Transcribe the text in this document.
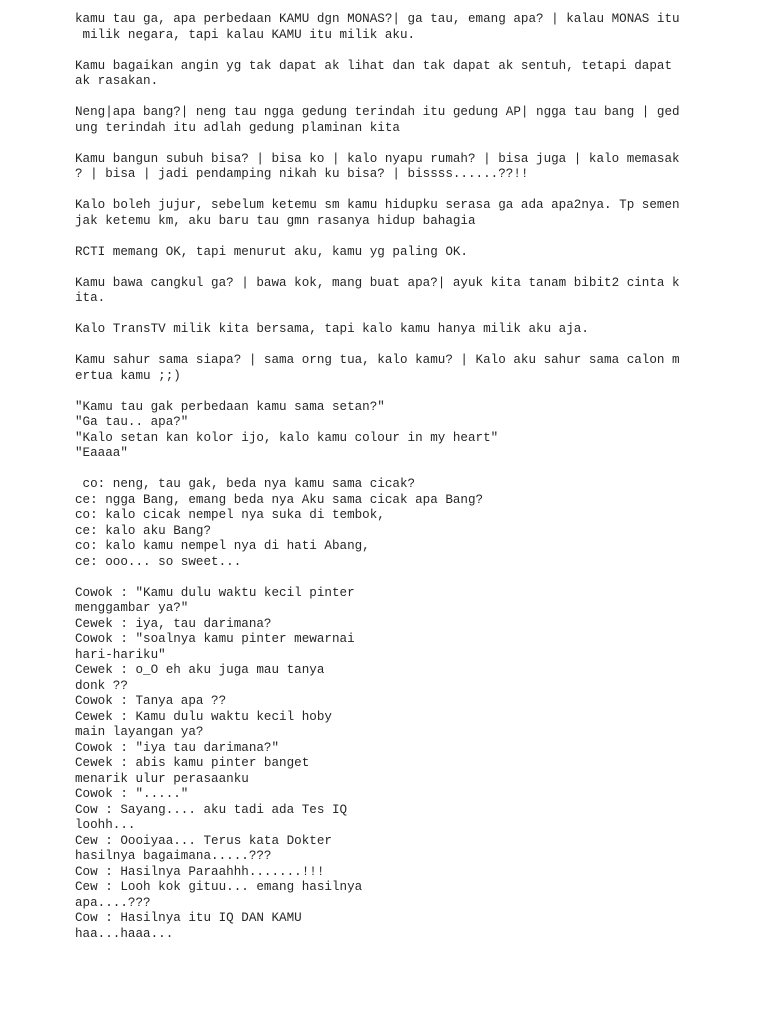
kamu tau ga, apa perbedaan KAMU dgn MONAS?| ga tau, emang apa? | kalau MONAS itu
milik negara, tapi kalau KAMU itu milik aku.
Kamu bagaikan angin yg tak dapat ak lihat dan tak dapat ak sentuh, tetapi dapat
ak rasakan.
Neng|apa bang?| neng tau ngga gedung terindah itu gedung AP| ngga tau bang | ged
ung terindah itu adlah gedung plaminan kita
Kamu bangun subuh bisa? | bisa ko | kalo nyapu rumah? | bisa juga | kalo memasak
? | bisa | jadi pendamping nikah ku bisa? | bissss......??!!
Kalo boleh jujur, sebelum ketemu sm kamu hidupku serasa ga ada apa2nya. Tp semen
jak ketemu km, aku baru tau gmn rasanya hidup bahagia
RCTI memang OK, tapi menurut aku, kamu yg paling OK.
Kamu bawa cangkul ga? | bawa kok, mang buat apa?| ayuk kita tanam bibit2 cinta k
ita.
Kalo TransTV milik kita bersama, tapi kalo kamu hanya milik aku aja.
Kamu sahur sama siapa? | sama orng tua, kalo kamu? | Kalo aku sahur sama calon m
ertua kamu ;;)
"Kamu tau gak perbedaan kamu sama setan?"
"Ga tau.. apa?"
"Kalo setan kan kolor ijo, kalo kamu colour in my heart"
"Eaaaa"
co: neng, tau gak, beda nya kamu sama cicak?
ce: ngga Bang, emang beda nya Aku sama cicak apa Bang?
co: kalo cicak nempel nya suka di tembok,
ce: kalo aku Bang?
co: kalo kamu nempel nya di hati Abang,
ce: ooo... so sweet...
Cowok : "Kamu dulu waktu kecil pinter
menggambar ya?"
Cewek : iya, tau darimana?
Cowok : "soalnya kamu pinter mewarnai
hari-hariku"
Cewek : o_O eh aku juga mau tanya
donk ??
Cowok : Tanya apa ??
Cewek : Kamu dulu waktu kecil hoby
main layangan ya?
Cowok : "iya tau darimana?"
Cewek : abis kamu pinter banget
menarik ulur perasaanku
Cowok : "....."
Cow : Sayang.... aku tadi ada Tes IQ
loohh...
Cew : Oooiyaa... Terus kata Dokter
hasilnya bagaimana.....???
Cow : Hasilnya Paraahhh.......!!!
Cew : Looh kok gituu... emang hasilnya
apa....???
Cow : Hasilnya itu IQ DAN KAMU
haa...haaa...
